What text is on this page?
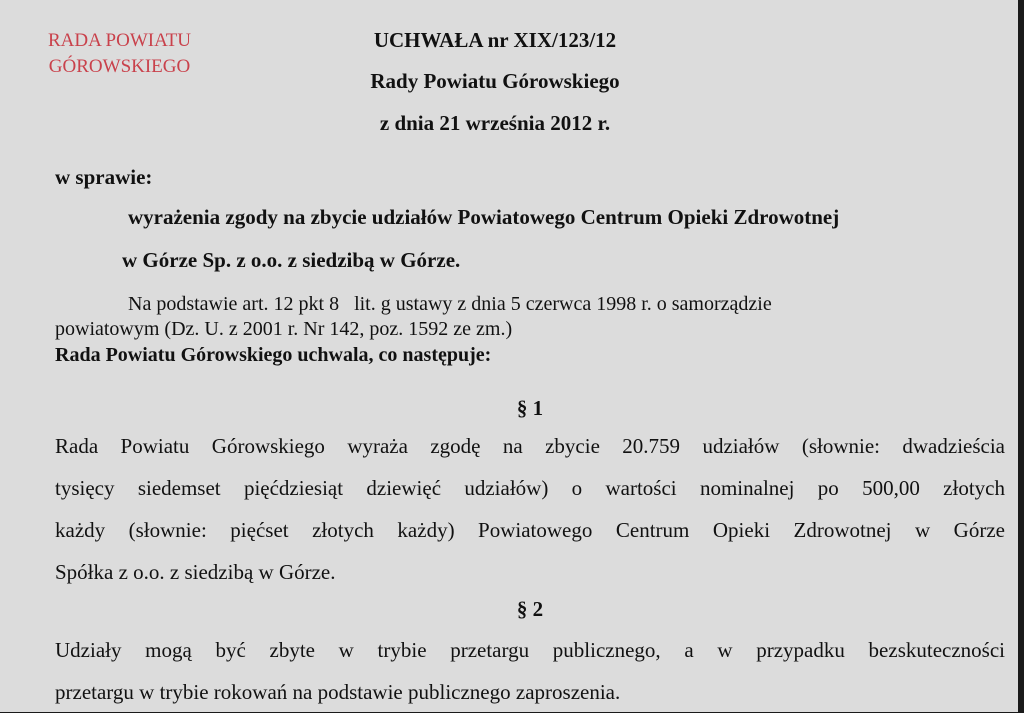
RADA POWIATU
GÓROWSKIEGO
UCHWAŁA nr XIX/123/12
Rady Powiatu Górowskiego
z dnia 21 września 2012 r.
w sprawie:
wyrażenia zgody na zbycie udziałów Powiatowego Centrum Opieki Zdrowotnej
w Górze Sp. z o.o. z siedzibą w Górze.
Na podstawie art. 12 pkt 8   lit. g ustawy z dnia 5 czerwca 1998 r. o samorządzie
powiatowym (Dz. U. z 2001 r. Nr 142, poz. 1592 ze zm.)
Rada Powiatu Górowskiego uchwala, co następuje:
§ 1
Rada Powiatu Górowskiego wyraża zgodę na zbycie 20.759 udziałów (słownie: dwadzieścia
tysięcy siedemset pięćdziesiąt dziewięć udziałów) o wartości nominalnej po 500,00 złotych
każdy (słownie: pięćset złotych każdy) Powiatowego Centrum Opieki Zdrowotnej w Górze
Spółka z o.o. z siedzibą w Górze.
§ 2
Udziały mogą być zbyte w trybie przetargu publicznego, a w przypadku bezskuteczności
przetargu w trybie rokowań na podstawie publicznego zaproszenia.
